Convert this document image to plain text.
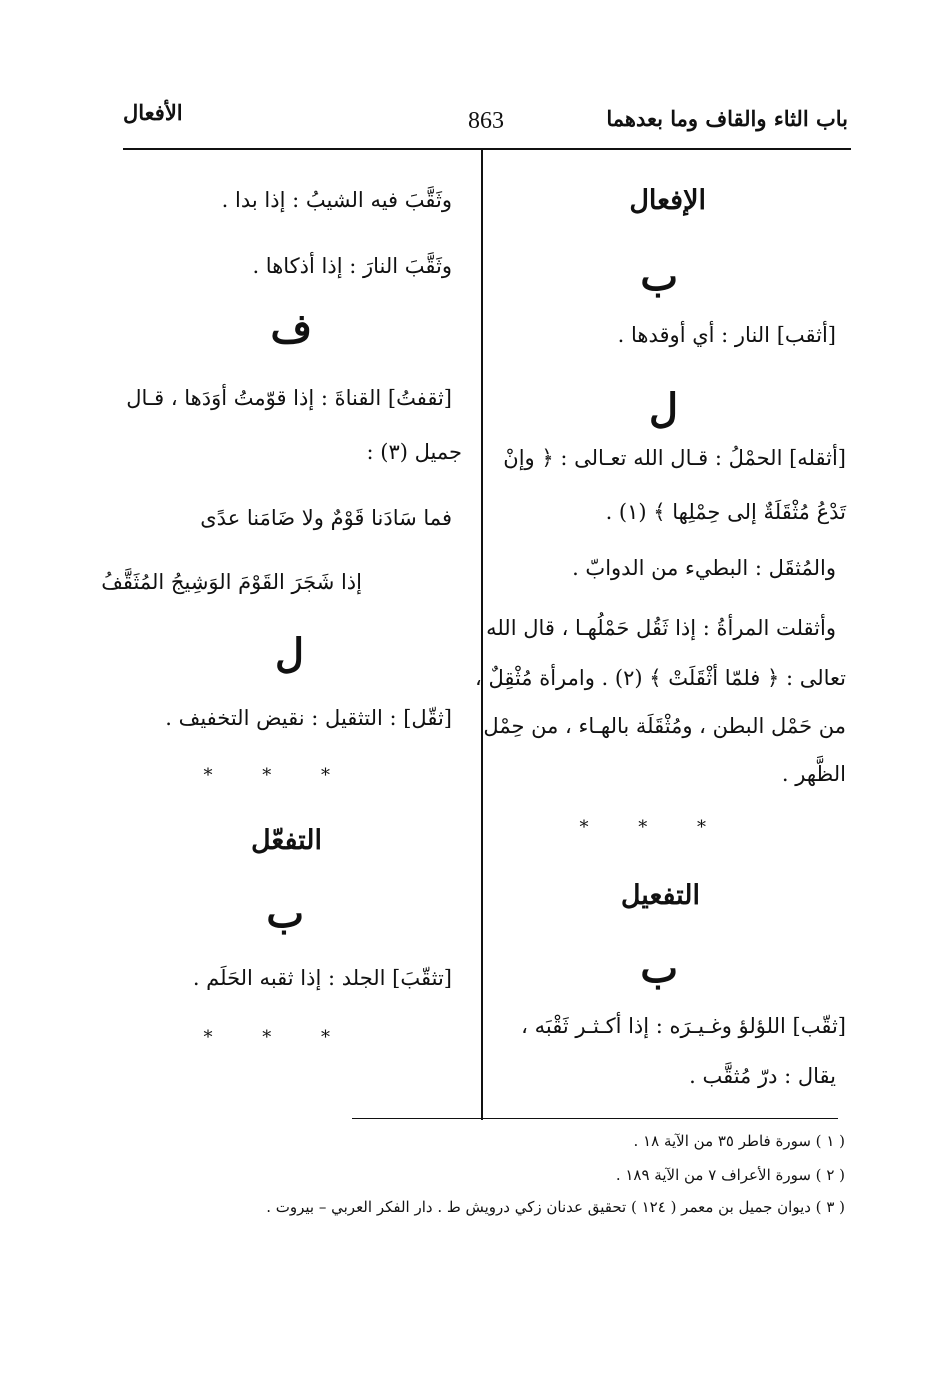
باب الثاء والقاف وما بعدهما
863
الأفعال
الإفعال
ب
[أثقب] النار : أي أوقدها .
ل
[أثقله] الحمْلُ : قـال الله تعـالى : ﴿ وإنْ
تَدْعُ مُثْقَلَةٌ إلى حِمْلِها ﴾ (١) .
والمُثقَل : البطيء من الدوابّ .
وأثقلت المرأةُ : إذا ثَقُل حَمْلُهـا ، قال الله
تعالى : ﴿ فلمّا أثْقَلَتْ ﴾ (٢) . وامرأة مُثْقِلٌ ،
من حَمْل البطن ، ومُثْقَلَة بالهـاء ، من حِمْل
الظَّهر .
* * *
التفعيل
ب
[ثقّب] اللؤلؤ وغـيـرَه : إذا أكـثـر ثَقْبَه ،
يقال : درّ مُثقَّب .
وثَقَّبَ فيه الشيبُ : إذا بدا .
وثَقَّبَ النارَ : إذا أذكاها .
ف
[ثقفتُ] القناةَ : إذا قوّمتُ أوَدَها ، قـال
جميل (٣) :
فما سَادَنا قَوْمٌ ولا ضَامَنا عدًى
إذا شَجَرَ القَوْمَ الوَشِيجُ المُثَقَّفُ
ل
[ثقّل] : التثقيل : نقيض التخفيف .
* * *
التفعّل
ب
[تثقّبَ] الجلد : إذا ثقبه الحَلَم .
* * *
( ١ ) سورة فاطر ٣٥ من الآية ١٨ .
( ٢ ) سورة الأعراف ٧ من الآية ١٨٩ .
( ٣ ) ديوان جميل بن معمر ( ١٢٤ ) تحقيق عدنان زكي درويش ط . دار الفكر العربي – بيروت .
